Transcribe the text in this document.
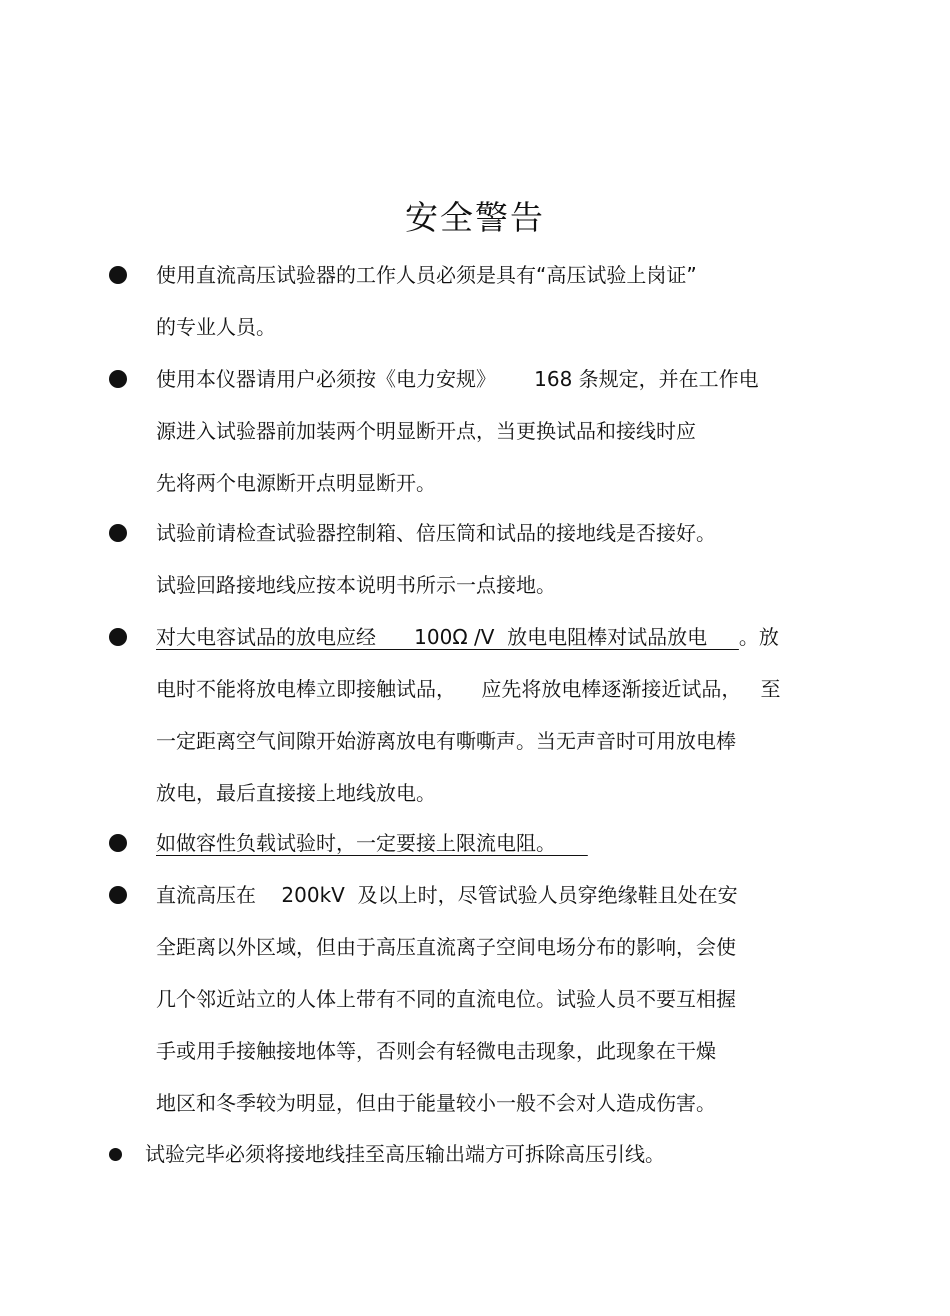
安全警告
使用直流高压试验器的工作人员必须是具有“高压试验上岗证”
的专业人员。
使用本仪器请用户必须按《电力安规》      168 条规定，并在工作电
源进入试验器前加装两个明显断开点，当更换试品和接线时应
先将两个电源断开点明显断开。
试验前请检查试验器控制箱、倍压筒和试品的接地线是否接好。
试验回路接地线应按本说明书所示一点接地。
对大电容试品的放电应经      100Ω /V  放电电阻棒对试品放电     。放
电时不能将放电棒立即接触试品，    应先将放电棒逐渐接近试品，   至
一定距离空气间隙开始游离放电有嘶嘶声。当无声音时可用放电棒
放电，最后直接接上地线放电。
如做容性负载试验时，一定要接上限流电阻。
直流高压在    200kV  及以上时，尽管试验人员穿绝缘鞋且处在安
全距离以外区域，但由于高压直流离子空间电场分布的影响，会使
几个邻近站立的人体上带有不同的直流电位。试验人员不要互相握
手或用手接触接地体等，否则会有轻微电击现象，此现象在干燥
地区和冬季较为明显，但由于能量较小一般不会对人造成伤害。
试验完毕必须将接地线挂至高压输出端方可拆除高压引线。
